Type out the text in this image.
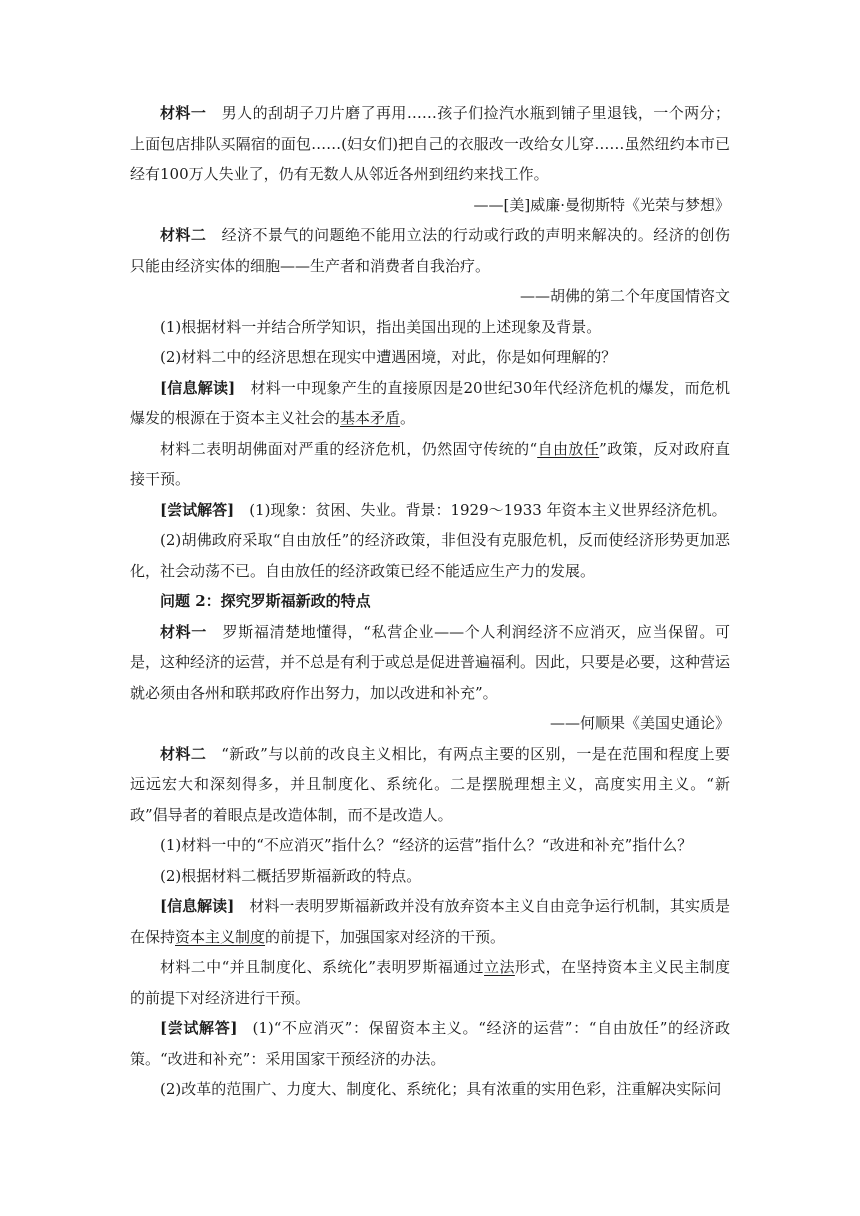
材料一  男人的刮胡子刀片磨了再用……孩子们捡汽水瓶到铺子里退钱，一个两分；上面包店排队买隔宿的面包……(妇女们)把自己的衣服改一改给女儿穿……虽然纽约本市已经有100万人失业了，仍有无数人从邻近各州到纽约来找工作。

——[美]威廉·曼彻斯特《光荣与梦想》

材料二  经济不景气的问题绝不能用立法的行动或行政的声明来解决的。经济的创伤只能由经济实体的细胞——生产者和消费者自我治疗。

——胡佛的第二个年度国情咨文

(1)根据材料一并结合所学知识，指出美国出现的上述现象及背景。

(2)材料二中的经济思想在现实中遭遇困境，对此，你是如何理解的？

[信息解读]  材料一中现象产生的直接原因是20世纪30年代经济危机的爆发，而危机爆发的根源在于资本主义社会的基本矛盾。

材料二表明胡佛面对严重的经济危机，仍然固守传统的“自由放任”政策，反对政府直接干预。

[尝试解答]  (1)现象：贫困、失业。背景：1929～1933 年资本主义世界经济危机。

(2)胡佛政府采取“自由放任”的经济政策，非但没有克服危机，反而使经济形势更加恶化，社会动荡不已。自由放任的经济政策已经不能适应生产力的发展。

问题 2：探究罗斯福新政的特点

材料一  罗斯福清楚地懂得，“私营企业——个人利润经济不应消灭，应当保留。可是，这种经济的运营，并不总是有利于或总是促进普遍福利。因此，只要是必要，这种营运就必须由各州和联邦政府作出努力，加以改进和补充”。

——何顺果《美国史通论》

材料二  “新政”与以前的改良主义相比，有两点主要的区别，一是在范围和程度上要远远宏大和深刻得多，并且制度化、系统化。二是摆脱理想主义，高度实用主义。“新政”倡导者的着眼点是改造体制，而不是改造人。

(1)材料一中的“不应消灭”指什么？“经济的运营”指什么？“改进和补充”指什么？

(2)根据材料二概括罗斯福新政的特点。

[信息解读]  材料一表明罗斯福新政并没有放弃资本主义自由竞争运行机制，其实质是在保持资本主义制度的前提下，加强国家对经济的干预。

材料二中“并且制度化、系统化”表明罗斯福通过立法形式，在坚持资本主义民主制度的前提下对经济进行干预。

[尝试解答]  (1)“不应消灭”：保留资本主义。“经济的运营”：“自由放任”的经济政策。“改进和补充”：采用国家干预经济的办法。

(2)改革的范围广、力度大、制度化、系统化；具有浓重的实用色彩，注重解决实际问
